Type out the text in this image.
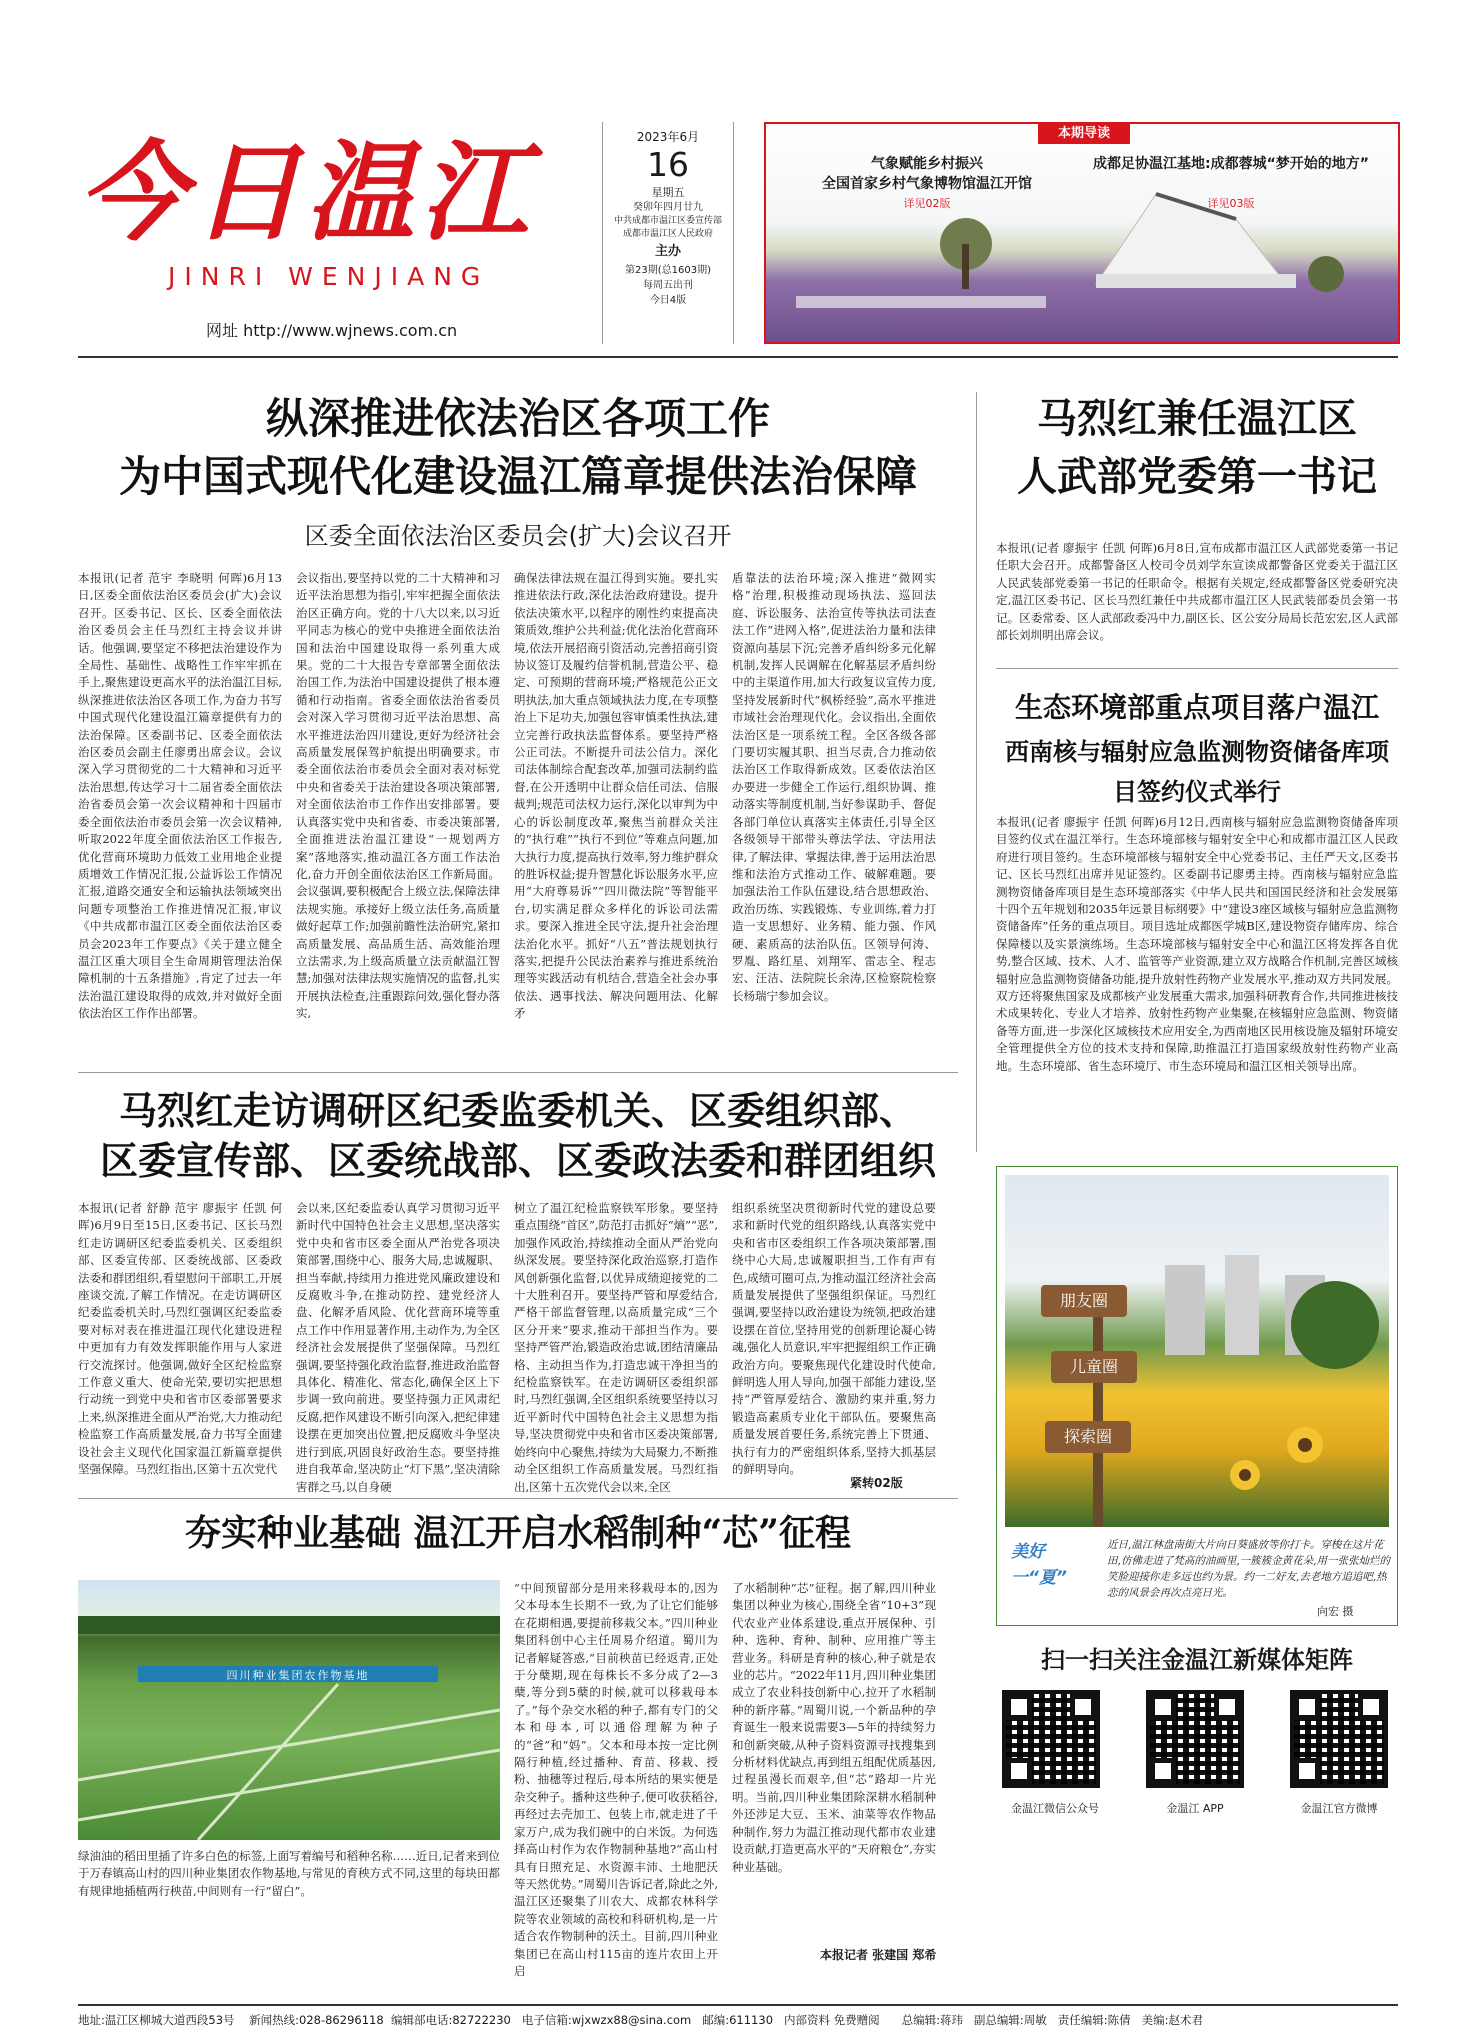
今日温江
JINRI WENJIANG
网址 http://www.wjnews.com.cn
2023年6月
16
星期五
癸卯年四月廿九
中共成都市温江区委宣传部
成都市温江区人民政府
主办
第23期(总1603期)
每周五出刊
今日4版
本期导读
气象赋能乡村振兴
全国首家乡村气象博物馆温江开馆
详见02版
成都足协温江基地:成都蓉城“梦开始的地方”
详见03版
纵深推进依法治区各项工作
为中国式现代化建设温江篇章提供法治保障
区委全面依法治区委员会(扩大)会议召开
本报讯(记者 范宇 李晓明 何晖)6月13日,区委全面依法治区委员会(扩大)会议召开。区委书记、区长、区委全面依法治区委员会主任马烈红主持会议并讲话。他强调,要坚定不移把法治建设作为全局性、基础性、战略性工作牢牢抓在手上,聚焦建设更高水平的法治温江目标,纵深推进依法治区各项工作,为奋力书写中国式现代化建设温江篇章提供有力的法治保障。区委副书记、区委全面依法治区委员会副主任廖勇出席会议。会议深入学习贯彻党的二十大精神和习近平法治思想,传达学习十二届省委全面依法治省委员会第一次会议精神和十四届市委全面依法治市委员会第一次会议精神,听取2022年度全面依法治区工作报告,优化营商环境助力低效工业用地企业提质增效工作情况汇报,公益诉讼工作情况汇报,道路交通安全和运输执法领域突出问题专项整治工作推进情况汇报,审议《中共成都市温江区委全面依法治区委员会2023年工作要点》《关于建立健全温江区重大项目全生命周期管理法治保障机制的十五条措施》,肯定了过去一年法治温江建设取得的成效,并对做好全面依法治区工作作出部署。
会议指出,要坚持以党的二十大精神和习近平法治思想为指引,牢牢把握全面依法治区正确方向。党的十八大以来,以习近平同志为核心的党中央推进全面依法治国和法治中国建设取得一系列重大成果。党的二十大报告专章部署全面依法治国工作,为法治中国建设提供了根本遵循和行动指南。省委全面依法治省委员会对深入学习贯彻习近平法治思想、高水平推进法治四川建设,更好为经济社会高质量发展保驾护航提出明确要求。市委全面依法治市委员会全面对表对标党中央和省委关于法治建设各项决策部署,对全面依法治市工作作出安排部署。要认真落实党中央和省委、市委决策部署,全面推进法治温江建设“一规划两方案”落地落实,推动温江各方面工作法治化,奋力开创全面依法治区工作新局面。会议强调,要积极配合上级立法,保障法律法规实施。承接好上级立法任务,高质量做好起草工作;加强前瞻性法治研究,紧扣高质量发展、高品质生活、高效能治理立法需求,为上级高质量立法贡献温江智慧;加强对法律法规实施情况的监督,扎实开展执法检查,注重跟踪问效,强化督办落实,
确保法律法规在温江得到实施。要扎实推进依法行政,深化法治政府建设。提升依法决策水平,以程序的刚性约束提高决策质效,维护公共利益;优化法治化营商环境,依法开展招商引资活动,完善招商引资协议签订及履约信誉机制,营造公平、稳定、可预期的营商环境;严格规范公正文明执法,加大重点领域执法力度,在专项整治上下足功夫,加强包容审慎柔性执法,建立完善行政执法监督体系。要坚持严格公正司法。不断提升司法公信力。深化司法体制综合配套改革,加强司法制约监督,在公开透明中让群众信任司法、信服裁判;规范司法权力运行,深化以审判为中心的诉讼制度改革,聚焦当前群众关注的“执行难”“执行不到位”等难点问题,加大执行力度,提高执行效率,努力维护群众的胜诉权益;提升智慧化诉讼服务水平,应用“大府尊易诉”“四川微法院”等智能平台,切实满足群众多样化的诉讼司法需求。要深入推进全民守法,提升社会治理法治化水平。抓好“八五”普法规划执行落实,把提升公民法治素养与推进系统治理等实践活动有机结合,营造全社会办事依法、遇事找法、解决问题用法、化解矛
盾靠法的法治环境;深入推进“微网实格”治理,积极推动现场执法、巡回法庭、诉讼服务、法治宣传等执法司法查法工作“进网入格”,促进法治力量和法律资源向基层下沉;完善矛盾纠纷多元化解机制,发挥人民调解在化解基层矛盾纠纷中的主渠道作用,加大行政复议宣传力度,坚持发展新时代“枫桥经验”,高水平推进市域社会治理现代化。会议指出,全面依法治区是一项系统工程。全区各级各部门要切实履其职、担当尽责,合力推动依法治区工作取得新成效。区委依法治区办要进一步健全工作运行,组织协调、推动落实等制度机制,当好参谋助手、督促各部门单位认真落实主体责任,引导全区各级领导干部带头尊法学法、守法用法律,了解法律、掌握法律,善于运用法治思维和法治方式推动工作、破解难题。要加强法治工作队伍建设,结合思想政治、政治历练、实践锻炼、专业训练,着力打造一支思想好、业务精、能力强、作风硬、素质高的法治队伍。区领导何涛、罗胤、路红星、刘翔军、雷志全、程志宏、汪洁、法院院长余涛,区检察院检察长杨瑞宁参加会议。
马烈红兼任温江区
人武部党委第一书记
本报讯(记者 廖振宇 任凯 何晖)6月8日,宣布成都市温江区人武部党委第一书记任职大会召开。成都警备区人校司令员刘学东宣读成都警备区党委关于温江区人民武装部党委第一书记的任职命令。根据有关规定,经成都警备区党委研究决定,温江区委书记、区长马烈红兼任中共成都市温江区人民武装部委员会第一书记。区委常委、区人武部政委冯中力,副区长、区公安分局局长范宏宏,区人武部部长刘圳明出席会议。
生态环境部重点项目落户温江
西南核与辐射应急监测物资储备库项目签约仪式举行
本报讯(记者 廖振宇 任凯 何晖)6月12日,西南核与辐射应急监测物资储备库项目签约仪式在温江举行。生态环境部核与辐射安全中心和成都市温江区人民政府进行项目签约。生态环境部核与辐射安全中心党委书记、主任严天文,区委书记、区长马烈红出席并见证签约。区委副书记廖勇主持。西南核与辐射应急监测物资储备库项目是生态环境部落实《中华人民共和国国民经济和社会发展第十四个五年规划和2035年远景目标纲要》中“建设3座区域核与辐射应急监测物资储备库”任务的重点项目。项目选址成都医学城B区,建设物资存储库房、综合保障楼以及实景演练场。生态环境部核与辐射安全中心和温江区将发挥各自优势,整合区域、技术、人才、监管等产业资源,建立双方战略合作机制,完善区域核辐射应急监测物资储备功能,提升放射性药物产业发展水平,推动双方共同发展。双方还将聚焦国家及成都核产业发展重大需求,加强科研教育合作,共同推进核技术成果转化、专业人才培养、放射性药物产业集聚,在核辐射应急监测、物资储备等方面,进一步深化区域核技术应用安全,为西南地区民用核设施及辐射环境安全管理提供全方位的技术支持和保障,助推温江打造国家级放射性药物产业高地。生态环境部、省生态环境厅、市生态环境局和温江区相关领导出席。
马烈红走访调研区纪委监委机关、区委组织部、
区委宣传部、区委统战部、区委政法委和群团组织
本报讯(记者 舒静 范宇 廖振宇 任凯 何晖)6月9日至15日,区委书记、区长马烈红走访调研区纪委监委机关、区委组织部、区委宣传部、区委统战部、区委政法委和群团组织,看望慰问干部职工,开展座谈交流,了解工作情况。在走访调研区纪委监委机关时,马烈红强调区纪委监委要对标对表在推进温江现代化建设进程中更加有力有效发挥职能作用与人家进行交流探讨。他强调,做好全区纪检监察工作意义重大、使命光荣,要切实把思想行动统一到党中央和省市区委部署要求上来,纵深推进全面从严治党,大力推动纪检监察工作高质量发展,奋力书写全面建设社会主义现代化国家温江新篇章提供坚强保障。马烈红指出,区第十五次党代
会以来,区纪委监委认真学习贯彻习近平新时代中国特色社会主义思想,坚决落实党中央和省市区委全面从严治党各项决策部署,围绕中心、服务大局,忠诚履职、担当奉献,持续用力推进党风廉政建设和反腐败斗争,在推动防控、建党经济人盘、化解矛盾风险、优化营商环境等重点工作中作用显著作用,主动作为,为全区经济社会发展提供了坚强保障。马烈红强调,要坚持强化政治监督,推进政治监督具体化、精准化、常态化,确保全区上下步调一致向前进。要坚持强力正风肃纪反腐,把作风建设不断引向深入,把纪律建设摆在更加突出位置,把反腐败斗争坚决进行到底,巩固良好政治生态。要坚持推进自我革命,坚决防止“灯下黑”,坚决清除害群之马,以自身硬
树立了温江纪检监察铁军形象。要坚持重点围绕“首区”,防范打击抓好“熵”“恶”,加强作风政治,持续推动全面从严治党向纵深发展。要坚持深化政治巡察,打造作风创新强化监督,以优异成绩迎接党的二十大胜利召开。要坚持严管和厚爱结合,严格干部监督管理,以高质量完成“三个区分开来”要求,推动干部担当作为。要坚持严管严治,锻造政治忠诚,团结清廉品格、主动担当作为,打造忠诚干净担当的纪检监察铁军。在走访调研区委组织部时,马烈红强调,全区组织系统要坚持以习近平新时代中国特色社会主义思想为指导,坚决贯彻党中央和省市区委决策部署,始终向中心聚焦,持续为大局聚力,不断推动全区组织工作高质量发展。马烈红指出,区第十五次党代会以来,全区
组织系统坚决贯彻新时代党的建设总要求和新时代党的组织路线,认真落实党中央和省市区委组织工作各项决策部署,围绕中心大局,忠诚履职担当,工作有声有色,成绩可圈可点,为推动温江经济社会高质量发展提供了坚强组织保证。马烈红强调,要坚持以政治建设为统领,把政治建设摆在首位,坚持用党的创新理论凝心铸魂,强化人员意识,牢牢把握组织工作正确政治方向。要聚焦现代化建设时代使命,鲜明选人用人导向,加强干部能力建设,坚持“严管厚爱结合、激励约束并重,努力锻造高素质专业化干部队伍。要聚焦高质量发展首要任务,系统完善上下贯通、执行有力的严密组织体系,坚持大抓基层的鲜明导向。
紧转02版
夯实种业基础 温江开启水稻制种“芯”征程
四川种业集团农作物基地
绿油油的稻田里插了许多白色的标签,上面写着编号和稻种名称……近日,记者来到位于万春镇高山村的四川种业集团农作物基地,与常见的育秧方式不同,这里的每块田都有规律地插植两行秧苗,中间则有一行“留白”。
“中间预留部分是用来移栽母本的,因为父本母本生长期不一致,为了让它们能够在花期相遇,要提前移栽父本。”四川种业集团科创中心主任周易介绍道。蜀川为记者解疑答惑,“目前秧苗已经返青,正处于分蘖期,现在每株长不多分成了2—3蘖,等分到5蘖的时候,就可以移栽母本了。”每个杂交水稻的种子,都有专门的父本和母本,可以通俗理解为种子的“爸”和“妈”。父本和母本按一定比例隔行种植,经过播种、育苗、移栽、授粉、抽穗等过程后,母本所结的果实便是杂交种子。播种这些种子,便可收获稻谷,再经过去壳加工、包装上市,就走进了千家万户,成为我们碗中的白米饭。为何选择高山村作为农作物制种基地?“高山村具有日照充足、水资源丰沛、土地肥沃等天然优势。”周蜀川告诉记者,除此之外,温江区还聚集了川农大、成都农林科学院等农业领域的高校和科研机构,是一片适合农作物制种的沃土。目前,四川种业集团已在高山村115亩的连片农田上开启
了水稻制种“芯”征程。据了解,四川种业集团以种业为核心,围绕全省“10+3”现代农业产业体系建设,重点开展保种、引种、选种、育种、制种、应用推广等主营业务。科研是育种的核心,种子就是农业的芯片。“2022年11月,四川种业集团成立了农业科技创新中心,拉开了水稻制种的新序幕。”周蜀川说,一个新品种的孕育诞生一般来说需要3—5年的持续努力和创新突破,从种子资料资源寻找搜集到分析材料优缺点,再到组五组配优质基因,过程虽漫长而艰辛,但“芯”路却一片光明。当前,四川种业集团除深耕水稻制种外还涉足大豆、玉米、油菜等农作物品种制作,努力为温江推动现代都市农业建设贡献,打造更高水平的“天府粮仓”,夯实种业基础。
本报记者 张建国 郑希
朋友圈
儿童圈
探索圈
美好一“夏”
近日,温江林盘南街大片向日葵盛放等你打卡。穿梭在这片花田,仿佛走进了梵高的油画里,一簇簇金黄花朵,用一张张灿烂的笑脸迎接你走多远也约为景。约一二好友,去老地方追追吧,热恋的风景会再次点亮日光。
向宏 摄
扫一扫关注金温江新媒体矩阵
金温江微信公众号	金温江 APP	金温江官方微博
地址:温江区柳城大道西段53号 新闻热线:028-86296118 编辑部电话:82722230 电子信箱:wjxwzx88@sina.com 邮编:611130 内部资料 免费赠阅 总编辑:蒋玮 副总编辑:周敏 责任编辑:陈倩 美编:赵术君
